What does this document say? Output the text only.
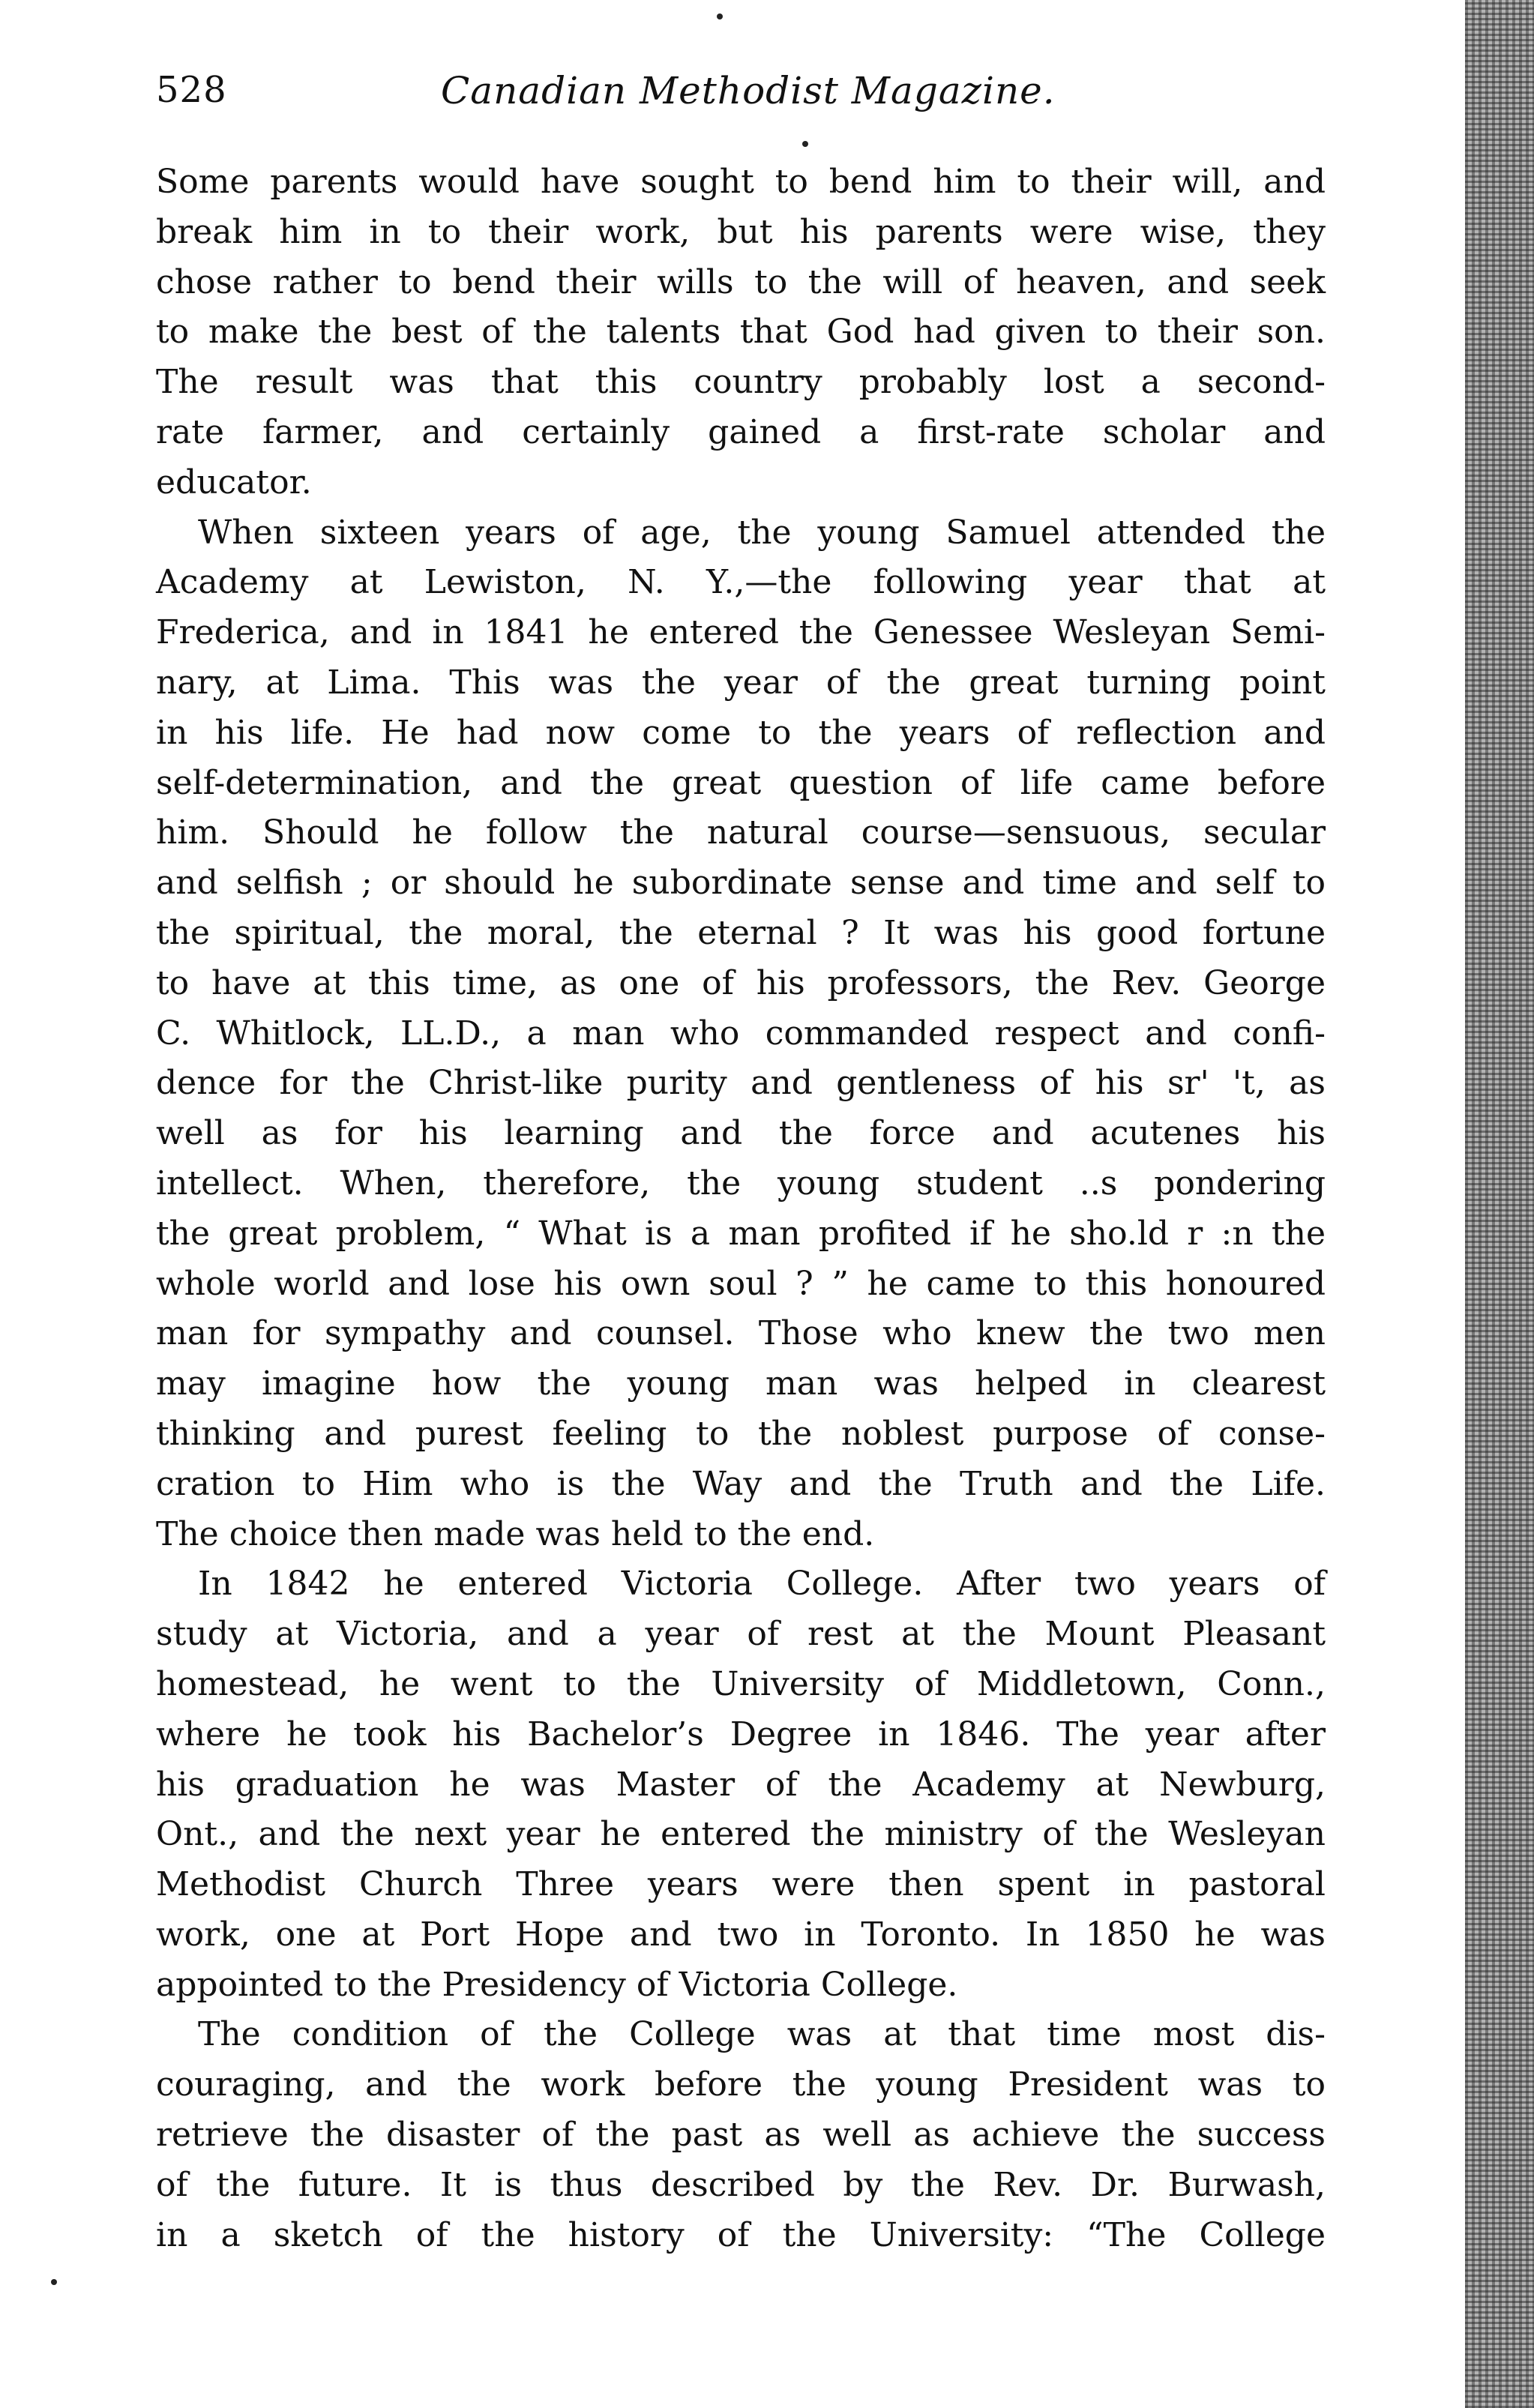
528	Canadian Methodist Magazine.

Some parents would have sought to bend him to their will, and
break him in to their work, but his parents were wise, they
chose rather to bend their wills to the will of heaven, and seek
to make the best of the talents that God had given to their son.
The result was that this country probably lost a second-
rate farmer, and certainly gained a first-rate scholar and
educator.

When sixteen years of age, the young Samuel attended the
Academy at Lewiston, N. Y.,—the following year that at
Frederica, and in 1841 he entered the Genessee Wesleyan Semi-
nary, at Lima. This was the year of the great turning point
in his life. He had now come to the years of reflection and
self-determination, and the great question of life came before
him. Should he follow the natural course—sensuous, secular
and selfish ; or should he subordinate sense and time and self to
the spiritual, the moral, the eternal ? It was his good fortune
to have at this time, as one of his professors, the Rev. George
C. Whitlock, LL.D., a man who commanded respect and confi-
dence for the Christ-like purity and gentleness of his sr' 't, as
well as for his learning and the force and acutenes his
intellect. When, therefore, the young student ..s pondering
the great problem, “ What is a man profited if he sho.ld r :n the
whole world and lose his own soul ? ” he came to this honoured
man for sympathy and counsel. Those who knew the two men
may imagine how the young man was helped in clearest
thinking and purest feeling to the noblest purpose of conse-
cration to Him who is the Way and the Truth and the Life.
The choice then made was held to the end.

In 1842 he entered Victoria College. After two years of
study at Victoria, and a year of rest at the Mount Pleasant
homestead, he went to the University of Middletown, Conn.,
where he took his Bachelor’s Degree in 1846. The year after
his graduation he was Master of the Academy at Newburg,
Ont., and the next year he entered the ministry of the Wesleyan
Methodist Church Three years were then spent in pastoral
work, one at Port Hope and two in Toronto. In 1850 he was
appointed to the Presidency of Victoria College.

The condition of the College was at that time most dis-
couraging, and the work before the young President was to
retrieve the disaster of the past as well as achieve the success
of the future. It is thus described by the Rev. Dr. Burwash,
in a sketch of the history of the University: “The College
